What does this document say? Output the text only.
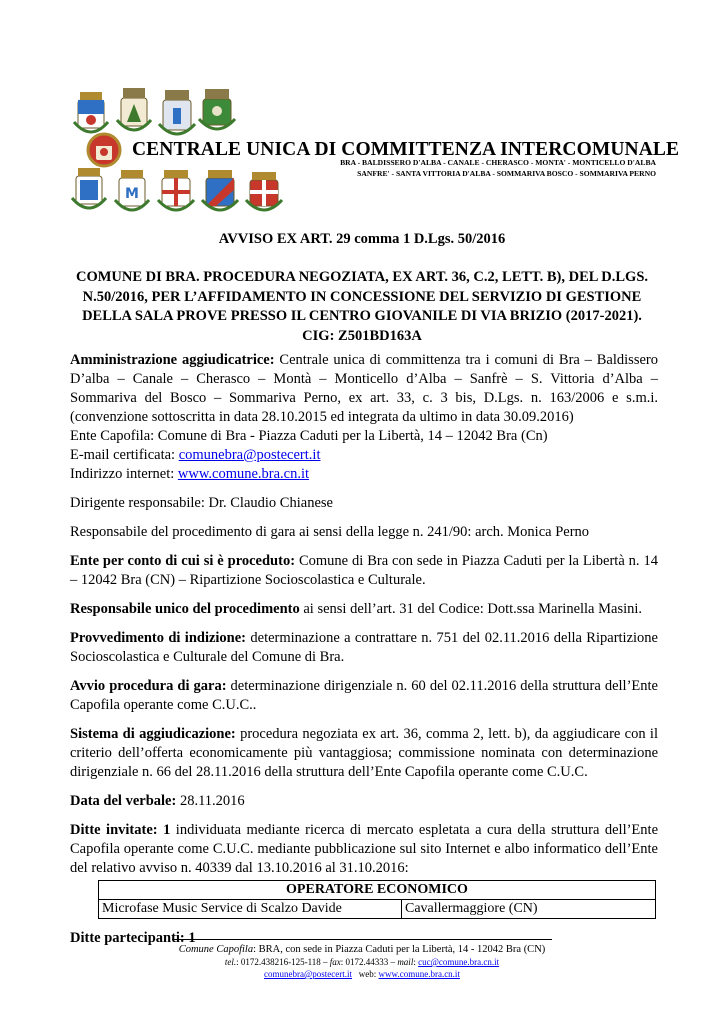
M
CENTRALE UNICA DI COMMITTENZA INTERCOMUNALE
BRA - BALDISSERO D'ALBA - CANALE - CHERASCO - MONTA' - MONTICELLO D'ALBA
SANFRE' - SANTA VITTORIA D'ALBA - SOMMARIVA BOSCO - SOMMARIVA PERNO
AVVISO EX ART. 29 comma 1 D.Lgs. 50/2016
COMUNE DI BRA. PROCEDURA NEGOZIATA, EX ART. 36, C.2, LETT. B), DEL D.LGS.
N.50/2016, PER L’AFFIDAMENTO IN CONCESSIONE DEL SERVIZIO DI GESTIONE
DELLA SALA PROVE PRESSO IL CENTRO GIOVANILE DI VIA BRIZIO (2017-2021).
CIG: Z501BD163A

Amministrazione aggiudicatrice: Centrale unica di committenza tra i comuni di Bra – Baldissero D’alba – Canale – Cherasco – Montà – Monticello d’Alba – Sanfrè – S. Vittoria d’Alba – Sommariva del Bosco – Sommariva Perno, ex art. 33, c. 3 bis, D.Lgs. n. 163/2006 e s.m.i. (convenzione sottoscritta in data 28.10.2015 ed integrata da ultimo in data 30.09.2016)

Ente Capofila: Comune di Bra - Piazza Caduti per la Libertà, 14 – 12042 Bra (Cn)

E-mail certificata: comunebra@postecert.it

Indirizzo internet: www.comune.bra.cn.it

Dirigente responsabile: Dr. Claudio Chianese

Responsabile del procedimento di gara ai sensi della legge n. 241/90: arch. Monica Perno

Ente per conto di cui si è proceduto: Comune di Bra con sede in Piazza Caduti per la Libertà n. 14 – 12042 Bra (CN) – Ripartizione Socioscolastica e Culturale.

Responsabile unico del procedimento ai sensi dell’art. 31 del Codice: Dott.ssa Marinella Masini.

Provvedimento di indizione: determinazione a contrattare n. 751 del 02.11.2016 della Ripartizione Socioscolastica e Culturale del Comune di Bra.

Avvio procedura di gara: determinazione dirigenziale n. 60 del 02.11.2016 della struttura dell’Ente Capofila operante come C.U.C..

Sistema di aggiudicazione: procedura negoziata ex art. 36, comma 2, lett. b), da aggiudicare con il criterio dell’offerta economicamente più vantaggiosa; commissione nominata con determinazione dirigenziale n. 66 del 28.11.2016 della struttura dell’Ente Capofila operante come C.U.C.

Data del verbale: 28.11.2016

Ditte invitate: 1 individuata mediante ricerca di mercato espletata a cura della struttura dell’Ente Capofila operante come C.U.C. mediante pubblicazione sul sito Internet e albo informatico dell’Ente del relativo avviso n. 40339 dal 13.10.2016 al 31.10.2016:

OPERATORE ECONOMICO
Microfase Music Service di Scalzo Davide	Cavallermaggiore (CN)

Ditte partecipanti: 1

Comune Capofila: BRA, con sede in Piazza Caduti per la Libertà, 14 - 12042 Bra (CN)
tel.: 0172.438216-125-118 – fax: 0172.44333 – mail: cuc@comune.bra.cn.it
comunebra@postecert.it   web: www.comune.bra.cn.it
